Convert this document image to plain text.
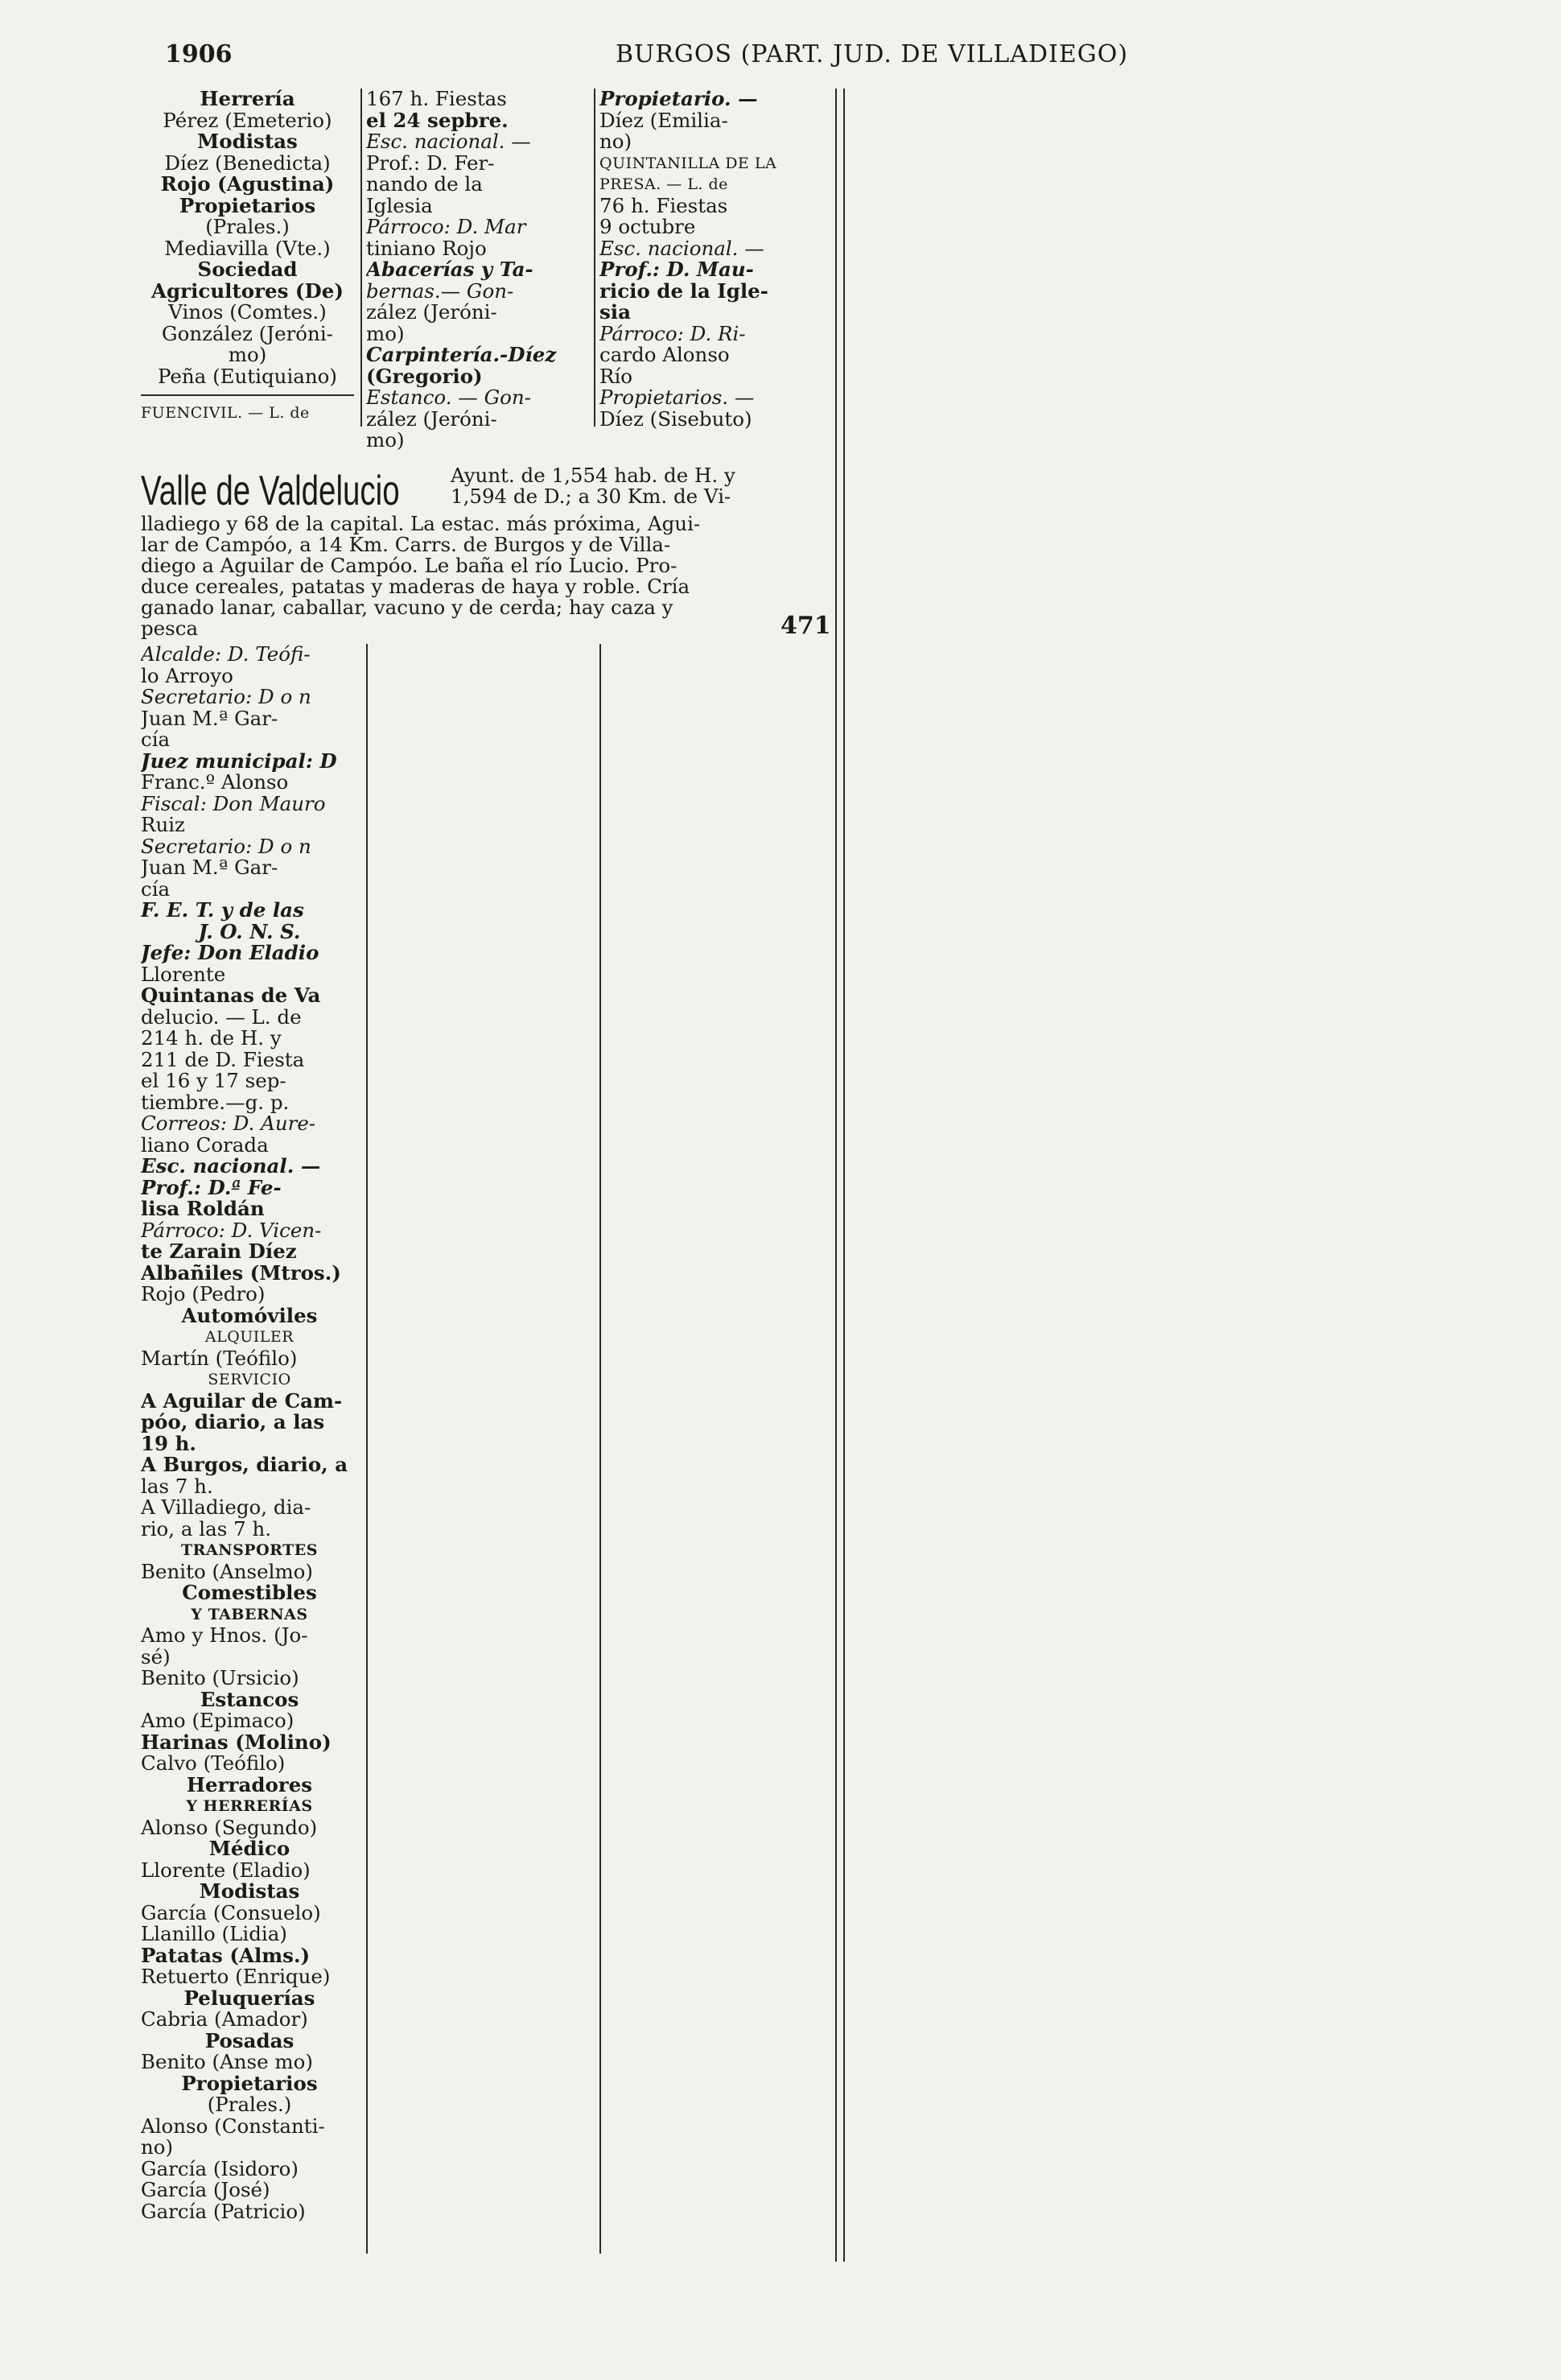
1906	BURGOS (PART. JUD. DE VILLADIEGO)
Herrería
Pérez (Emeterio)
Modistas
Díez (Benedicta)
Rojo (Agustina)
Propietarios
(Prales.)
Mediavilla (Vte.)
Sociedad
Agricultores (De)
Vinos (Comtes.)
González (Jeróni-
mo)
Peña (Eutiquiano)
FUENCIVIL. — L. de
167 h. Fiestas
el 24 sepbre.
Esc. nacional. —
Prof.: D. Fer-
nando de la
Iglesia
Párroco: D. Mar
tiniano Rojo
Abacerías y Ta-
bernas.— Gon-
zález (Jeróni-
mo)
Carpintería.-Díez
(Gregorio)
Estanco. — Gon-
zález (Jeróni-
mo)
Propietario. —
Díez (Emilia-
no)
QUINTANILLA DE LA
PRESA. — L. de
76 h. Fiestas
9 octubre
Esc. nacional. —
Prof.: D. Mau-
ricio de la Igle-
sia
Párroco: D. Ri-
cardo Alonso
Río
Propietarios. —
Díez (Sisebuto)
Valle de Valdelucio	Ayunt. de 1,554 hab. de H. y
1,594 de D.; a 30 Km. de Vi-
lladiego y 68 de la capital. La estac. más próxima, Agui-
lar de Campóo, a 14 Km. Carrs. de Burgos y de Villa-
diego a Aguilar de Campóo. Le baña el río Lucio. Pro-
duce cereales, patatas y maderas de haya y roble. Cría
ganado lanar, caballar, vacuno y de cerda; hay caza y
pesca	471
Alcalde: D. Teófi-
lo Arroyo
Secretario: D o n
Juan M.ª Gar-
cía
Juez municipal: D
Franc.º Alonso
Fiscal: Don Mauro
Ruiz
Secretario: D o n
Juan M.ª Gar-
cía
F. E. T. y de las
J. O. N. S.
Jefe: Don Eladio
Llorente
Quintanas de Va
delucio. — L. de
214 h. de H. y
211 de D. Fiesta
el 16 y 17 sep-
tiembre.—g. p.
Correos: D. Aure-
liano Corada
Esc. nacional. —
Prof.: D.ª Fe-
lisa Roldán
Párroco: D. Vicen-
te Zarain Díez
Albañiles (Mtros.)
Rojo (Pedro)
Automóviles
ALQUILER
Martín (Teófilo)
SERVICIO
A Aguilar de Cam-
póo, diario, a las
19 h.
A Burgos, diario, a
las 7 h.
A Villadiego, dia-
rio, a las 7 h.
TRANSPORTES
Benito (Anselmo)
Comestibles
Y TABERNAS
Amo y Hnos. (Jo-
sé)
Benito (Ursicio)
Estancos
Amo (Epimaco)
Harinas (Molino)
Calvo (Teófilo)
Herradores
Y HERRERÍAS
Alonso (Segundo)
Médico
Llorente (Eladio)
Modistas
García (Consuelo)
Llanillo (Lidia)
Patatas (Alms.)
Retuerto (Enrique)
Peluquerías
Cabria (Amador)
Posadas
Benito (Anse mo)
Propietarios
(Prales.)
Alonso (Constanti-
no)
García (Isidoro)
García (José)
García (Patricio)
